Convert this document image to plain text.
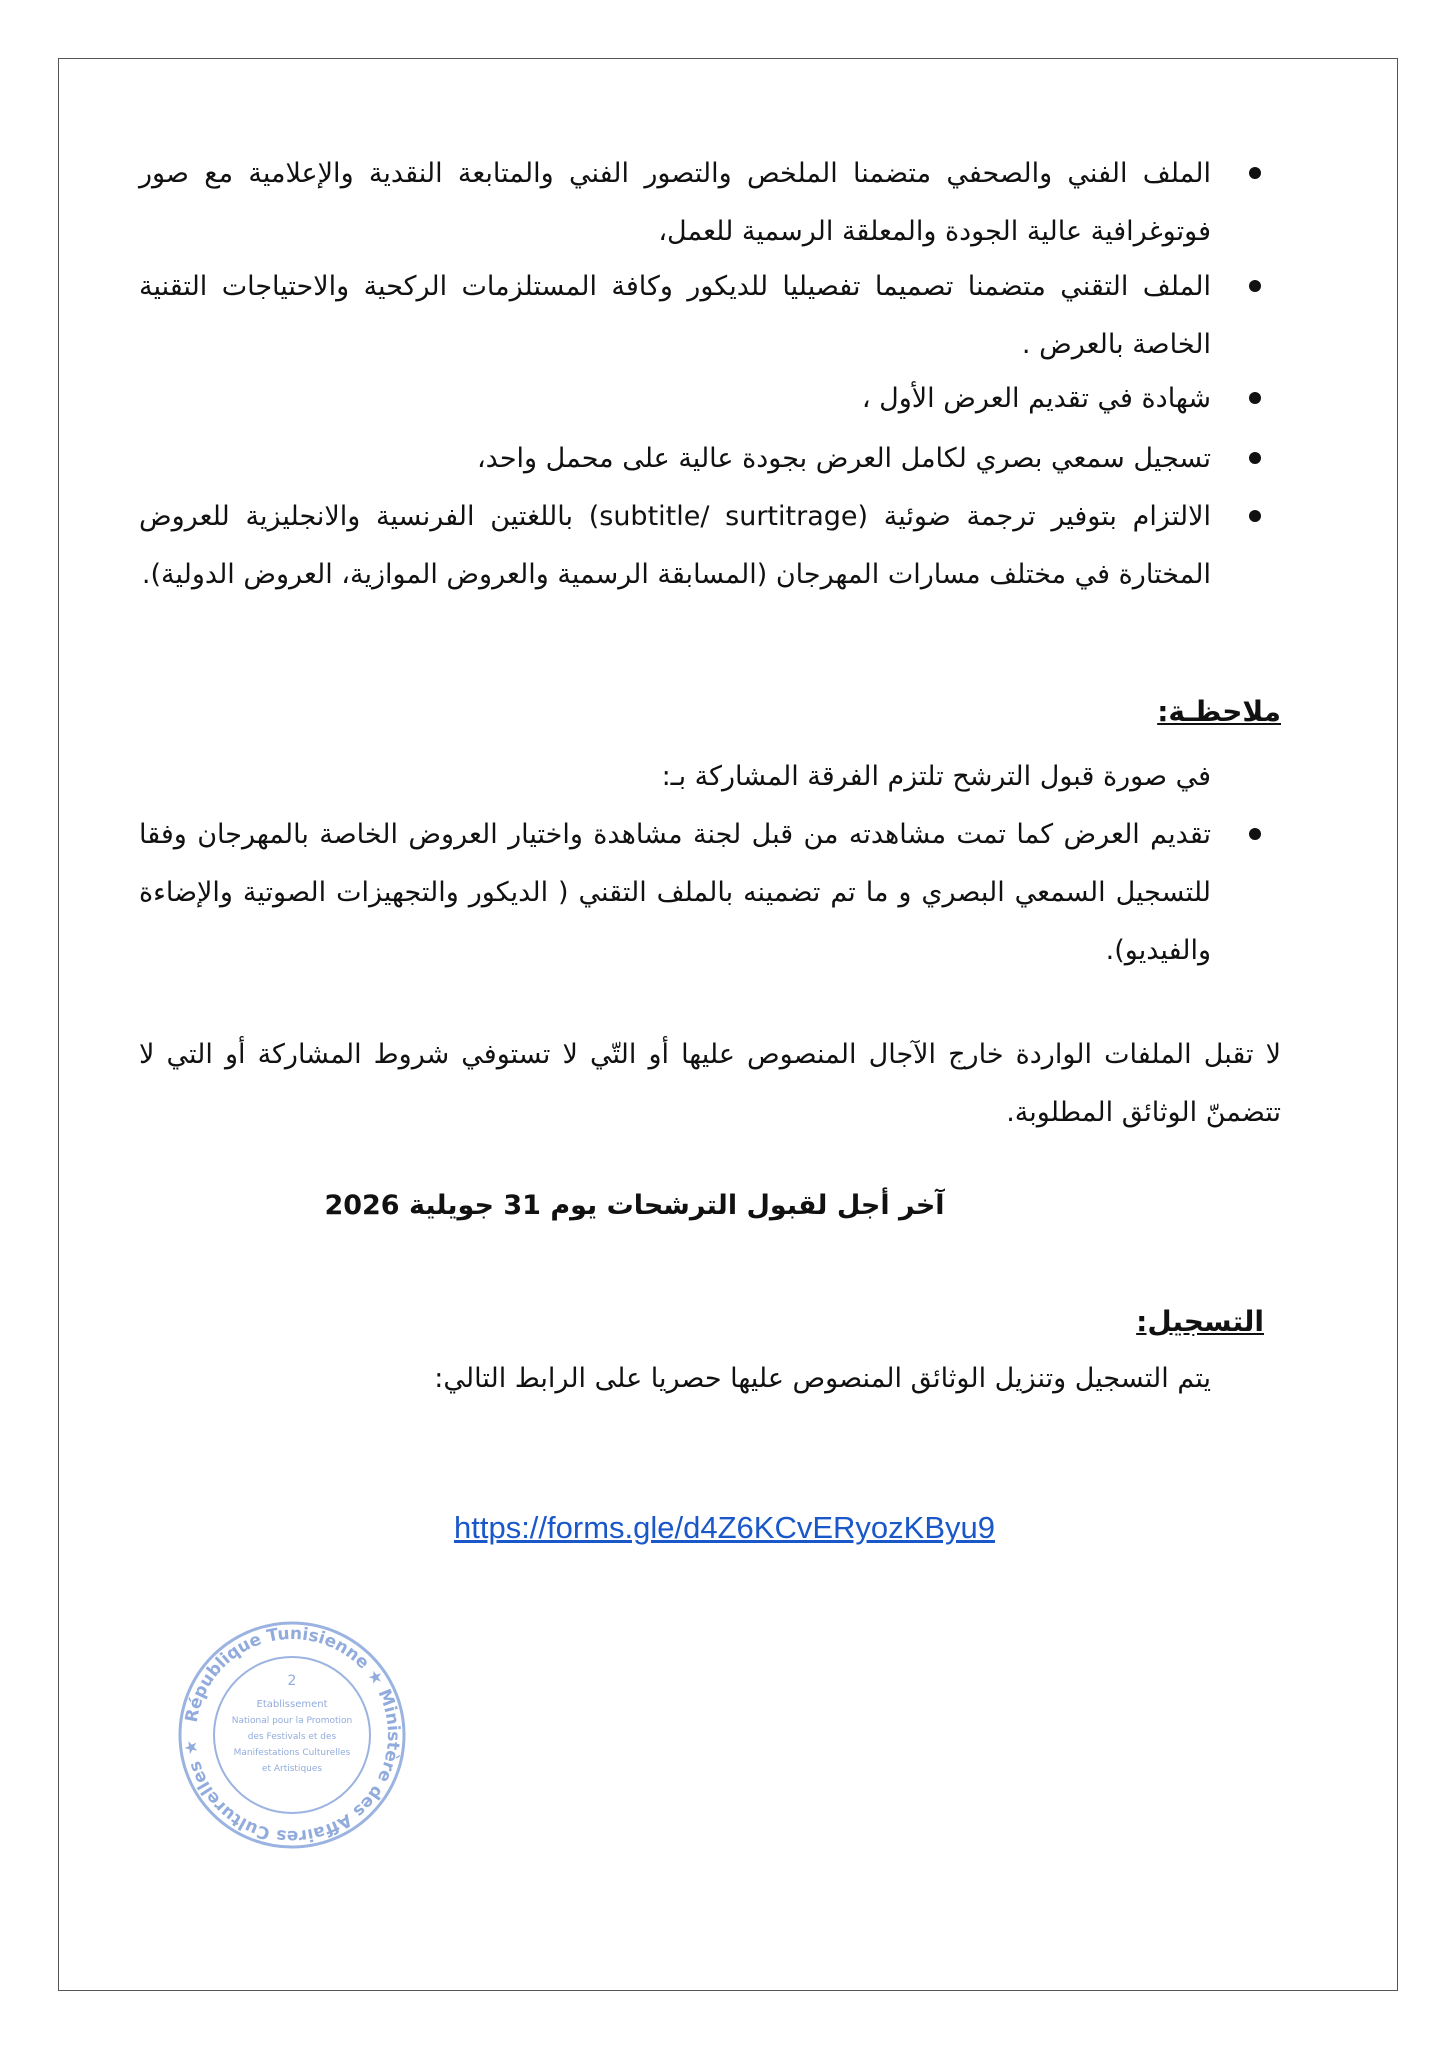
الملف الفني والصحفي متضمنا الملخص والتصور الفني والمتابعة النقدية والإعلامية مع صور فوتوغرافية عالية الجودة والمعلقة الرسمية للعمل،
الملف التقني متضمنا تصميما تفصيليا للديكور وكافة المستلزمات الركحية والاحتياجات التقنية الخاصة بالعرض .
شهادة في تقديم العرض الأول ،
تسجيل سمعي بصري لكامل العرض بجودة عالية على محمل واحد،
الالتزام بتوفير ترجمة ضوئية (subtitle/ surtitrage) باللغتين الفرنسية والانجليزية للعروض المختارة في مختلف مسارات المهرجان (المسابقة الرسمية والعروض الموازية، العروض الدولية).
ملاحظـة:
في صورة قبول الترشح تلتزم الفرقة المشاركة بـ:
تقديم العرض كما تمت مشاهدته من قبل لجنة مشاهدة واختيار العروض الخاصة بالمهرجان وفقا للتسجيل السمعي البصري و ما تم تضمينه بالملف التقني ( الديكور والتجهيزات الصوتية والإضاءة والفيديو).
لا تقبل الملفات الواردة خارج الآجال المنصوص عليها أو التّي لا تستوفي شروط المشاركة أو التي لا تتضمنّ الوثائق المطلوبة.
آخر أجل لقبول الترشحات يوم 31 جويلية 2026
التسجيل:
يتم التسجيل وتنزيل الوثائق المنصوص عليها حصريا على الرابط التالي:
https://forms.gle/d4Z6KCvERyozKByu9
République Tunisienne ★ Ministère des Affaires Culturelles ★
2
Etablissement
National pour la Promotion
des Festivals et des
Manifestations Culturelles
et Artistiques
